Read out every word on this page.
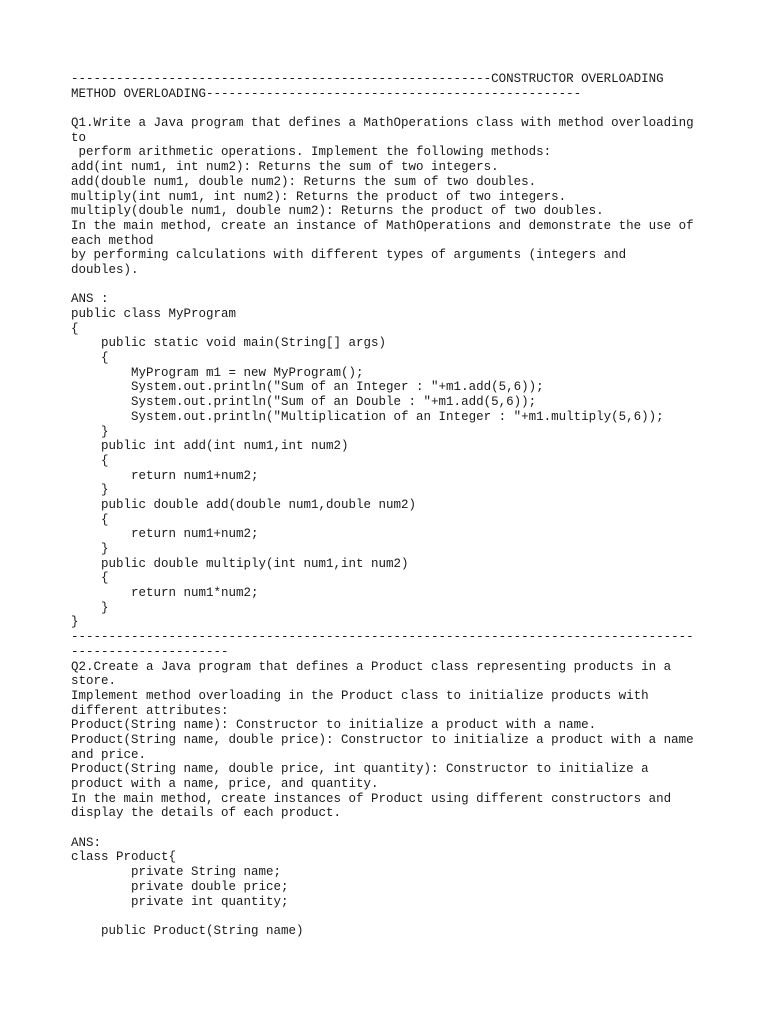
--------------------------------------------------------CONSTRUCTOR OVERLOADING
METHOD OVERLOADING--------------------------------------------------
Q1.Write a Java program that defines a MathOperations class with method overloading
to
perform arithmetic operations. Implement the following methods:
add(int num1, int num2): Returns the sum of two integers.
add(double num1, double num2): Returns the sum of two doubles.
multiply(int num1, int num2): Returns the product of two integers.
multiply(double num1, double num2): Returns the product of two doubles.
In the main method, create an instance of MathOperations and demonstrate the use of
each method
by performing calculations with different types of arguments (integers and
doubles).
ANS :
public class MyProgram
{
public static void main(String[] args)
{
MyProgram m1 = new MyProgram();
System.out.println("Sum of an Integer : "+m1.add(5,6));
System.out.println("Sum of an Double : "+m1.add(5,6));
System.out.println("Multiplication of an Integer : "+m1.multiply(5,6));
}
public int add(int num1,int num2)
{
return num1+num2;
}
public double add(double num1,double num2)
{
return num1+num2;
}
public double multiply(int num1,int num2)
{
return num1*num2;
}
}
-----------------------------------------------------------------------------------
---------------------
Q2.Create a Java program that defines a Product class representing products in a
store.
Implement method overloading in the Product class to initialize products with
different attributes:
Product(String name): Constructor to initialize a product with a name.
Product(String name, double price): Constructor to initialize a product with a name
and price.
Product(String name, double price, int quantity): Constructor to initialize a
product with a name, price, and quantity.
In the main method, create instances of Product using different constructors and
display the details of each product.
ANS:
class Product{
private String name;
private double price;
private int quantity;
public Product(String name)
